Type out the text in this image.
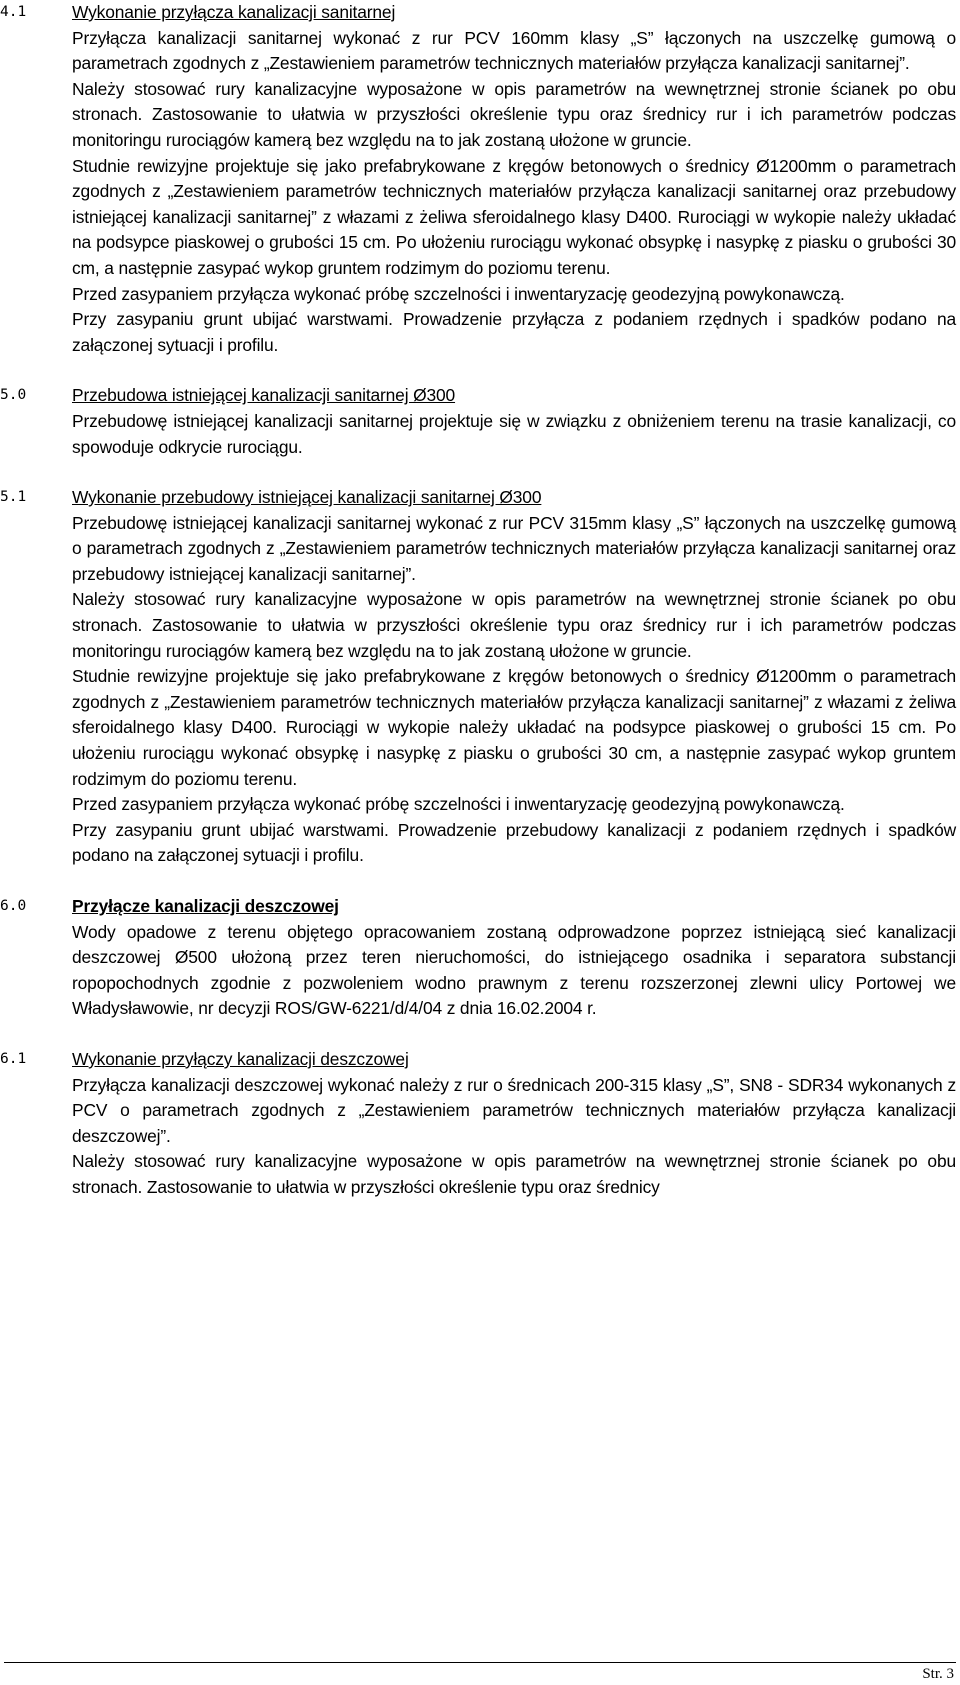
4.1	Wykonanie przyłącza kanalizacji sanitarnej

Przyłącza kanalizacji sanitarnej wykonać z rur PCV 160mm klasy „S” łączonych na uszczelkę gumową o parametrach zgodnych z „Zestawieniem parametrów technicznych materiałów przyłącza kanalizacji sanitarnej”.

Należy stosować rury kanalizacyjne wyposażone w opis parametrów na wewnętrznej stronie ścianek po obu stronach. Zastosowanie to ułatwia w przyszłości określenie typu oraz średnicy rur i ich parametrów podczas monitoringu rurociągów kamerą bez względu na to jak zostaną ułożone w gruncie.

Studnie rewizyjne projektuje się jako prefabrykowane z kręgów betonowych o średnicy Ø1200mm o parametrach zgodnych z „Zestawieniem parametrów technicznych materiałów przyłącza kanalizacji sanitarnej oraz przebudowy istniejącej kanalizacji sanitarnej” z włazami z żeliwa sferoidalnego klasy D400. Rurociągi w wykopie należy układać na podsypce piaskowej o grubości 15 cm. Po ułożeniu rurociągu wykonać obsypkę i nasypkę z piasku o grubości 30 cm, a następnie zasypać wykop gruntem rodzimym do poziomu terenu.

Przed zasypaniem przyłącza wykonać próbę szczelności i inwentaryzację geodezyjną powykonawczą.

Przy zasypaniu grunt ubijać warstwami. Prowadzenie przyłącza z podaniem rzędnych i spadków podano na załączonej sytuacji i profilu.

5.0	Przebudowa istniejącej kanalizacji sanitarnej Ø300

Przebudowę istniejącej kanalizacji sanitarnej projektuje się w związku z obniżeniem terenu na trasie kanalizacji, co spowoduje odkrycie rurociągu.

5.1	Wykonanie przebudowy istniejącej kanalizacji sanitarnej Ø300

Przebudowę istniejącej kanalizacji sanitarnej wykonać z rur PCV 315mm klasy „S” łączonych na uszczelkę gumową o parametrach zgodnych z „Zestawieniem parametrów technicznych materiałów przyłącza kanalizacji sanitarnej oraz przebudowy istniejącej kanalizacji sanitarnej”.

Należy stosować rury kanalizacyjne wyposażone w opis parametrów na wewnętrznej stronie ścianek po obu stronach. Zastosowanie to ułatwia w przyszłości określenie typu oraz średnicy rur i ich parametrów podczas monitoringu rurociągów kamerą bez względu na to jak zostaną ułożone w gruncie.

Studnie rewizyjne projektuje się jako prefabrykowane z kręgów betonowych o średnicy Ø1200mm o parametrach zgodnych z „Zestawieniem parametrów technicznych materiałów przyłącza kanalizacji sanitarnej” z włazami z żeliwa sferoidalnego klasy D400. Rurociągi w wykopie należy układać na podsypce piaskowej o grubości 15 cm. Po ułożeniu rurociągu wykonać obsypkę i nasypkę z piasku o grubości 30 cm, a następnie zasypać wykop gruntem rodzimym do poziomu terenu.

Przed zasypaniem przyłącza wykonać próbę szczelności i inwentaryzację geodezyjną powykonawczą.

Przy zasypaniu grunt ubijać warstwami. Prowadzenie przebudowy kanalizacji z podaniem rzędnych i spadków podano na załączonej sytuacji i profilu.

6.0	Przyłącze kanalizacji deszczowej

Wody opadowe z terenu objętego opracowaniem zostaną odprowadzone poprzez istniejącą sieć kanalizacji deszczowej Ø500 ułożoną przez teren nieruchomości, do istniejącego osadnika i separatora substancji ropopochodnych zgodnie z pozwoleniem wodno prawnym z terenu rozszerzonej zlewni ulicy Portowej we Władysławowie, nr decyzji ROS/GW-6221/d/4/04 z dnia 16.02.2004 r.

6.1	Wykonanie przyłączy kanalizacji deszczowej

Przyłącza kanalizacji deszczowej wykonać należy z rur o średnicach 200-315 klasy „S”, SN8 - SDR34 wykonanych z PCV o parametrach zgodnych z „Zestawieniem parametrów technicznych materiałów przyłącza kanalizacji deszczowej”.

Należy stosować rury kanalizacyjne wyposażone w opis parametrów na wewnętrznej stronie ścianek po obu stronach. Zastosowanie to ułatwia w przyszłości określenie typu oraz średnicy

Str. 3
